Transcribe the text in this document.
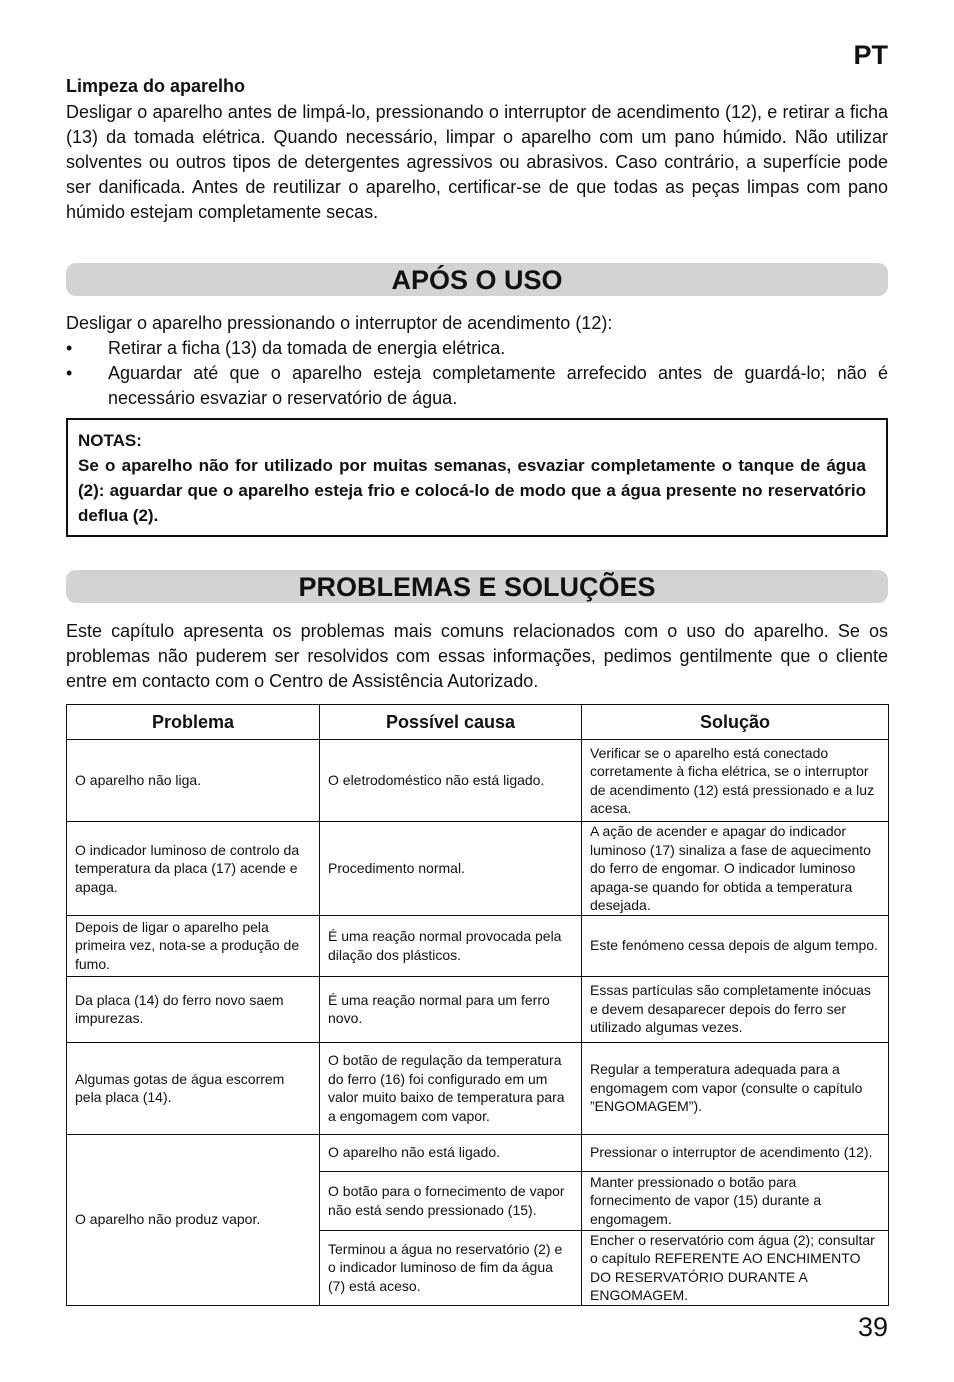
PT
Limpeza do aparelho

Desligar o aparelho antes de limpá-lo, pressionando o interruptor de acendimento (12), e retirar a ficha (13) da tomada elétrica. Quando necessário, limpar o aparelho com um pano húmido. Não utilizar solventes ou outros tipos de detergentes agressivos ou abrasivos. Caso contrário, a superfície pode ser danificada. Antes de reutilizar o aparelho, certificar-se de que todas as peças limpas com pano húmido estejam completamente secas.

APÓS O USO

Desligar o aparelho pressionando o interruptor de acendimento (12):

• Retirar a ficha (13) da tomada de energia elétrica.
• Aguardar até que o aparelho esteja completamente arrefecido antes de guardá-lo; não é necessário esvaziar o reservatório de água.
NOTAS:
Se o aparelho não for utilizado por muitas semanas, esvaziar completamente o tanque de água (2): aguardar que o aparelho esteja frio e colocá-lo de modo que a água presente no reservatório deflua (2).
PROBLEMAS E SOLUÇÕES

Este capítulo apresenta os problemas mais comuns relacionados com o uso do aparelho. Se os problemas não puderem ser resolvidos com essas informações, pedimos gentilmente que o cliente entre em contacto com o Centro de Assistência Autorizado.

Problema	Possível causa	Solução
O aparelho não liga.	O eletrodoméstico não está ligado.	Verificar se o aparelho está conectado corretamente à ficha elétrica, se o interruptor de acendimento (12) está pressionado e a luz acesa.
O indicador luminoso de controlo da temperatura da placa (17) acende e apaga.	Procedimento normal.	A ação de acender e apagar do indicador luminoso (17) sinaliza a fase de aquecimento do ferro de engomar. O indicador luminoso apaga-se quando for obtida a temperatura desejada.
Depois de ligar o aparelho pela primeira vez, nota-se a produção de fumo.	É uma reação normal provocada pela dilação dos plásticos.	Este fenómeno cessa depois de algum tempo.
Da placa (14) do ferro novo saem impurezas.	É uma reação normal para um ferro novo.	Essas partículas são completamente inócuas e devem desaparecer depois do ferro ser utilizado algumas vezes.
Algumas gotas de água escorrem pela placa (14).	O botão de regulação da temperatura do ferro (16) foi configurado em um valor muito baixo de temperatura para a engomagem com vapor.	Regular a temperatura adequada para a engomagem com vapor (consulte o capítulo ”ENGOMAGEM”).
O aparelho não produz vapor.	O aparelho não está ligado.	Pressionar o interruptor de acendimento (12).
	O botão para o fornecimento de vapor não está sendo pressionado (15).	Manter pressionado o botão para fornecimento de vapor (15) durante a engomagem.
	Terminou a água no reservatório (2) e o indicador luminoso de fim da água (7) está aceso.	Encher o reservatório com água (2); consultar o capítulo REFERENTE AO ENCHIMENTO DO RESERVATÓRIO DURANTE A ENGOMAGEM.
39
